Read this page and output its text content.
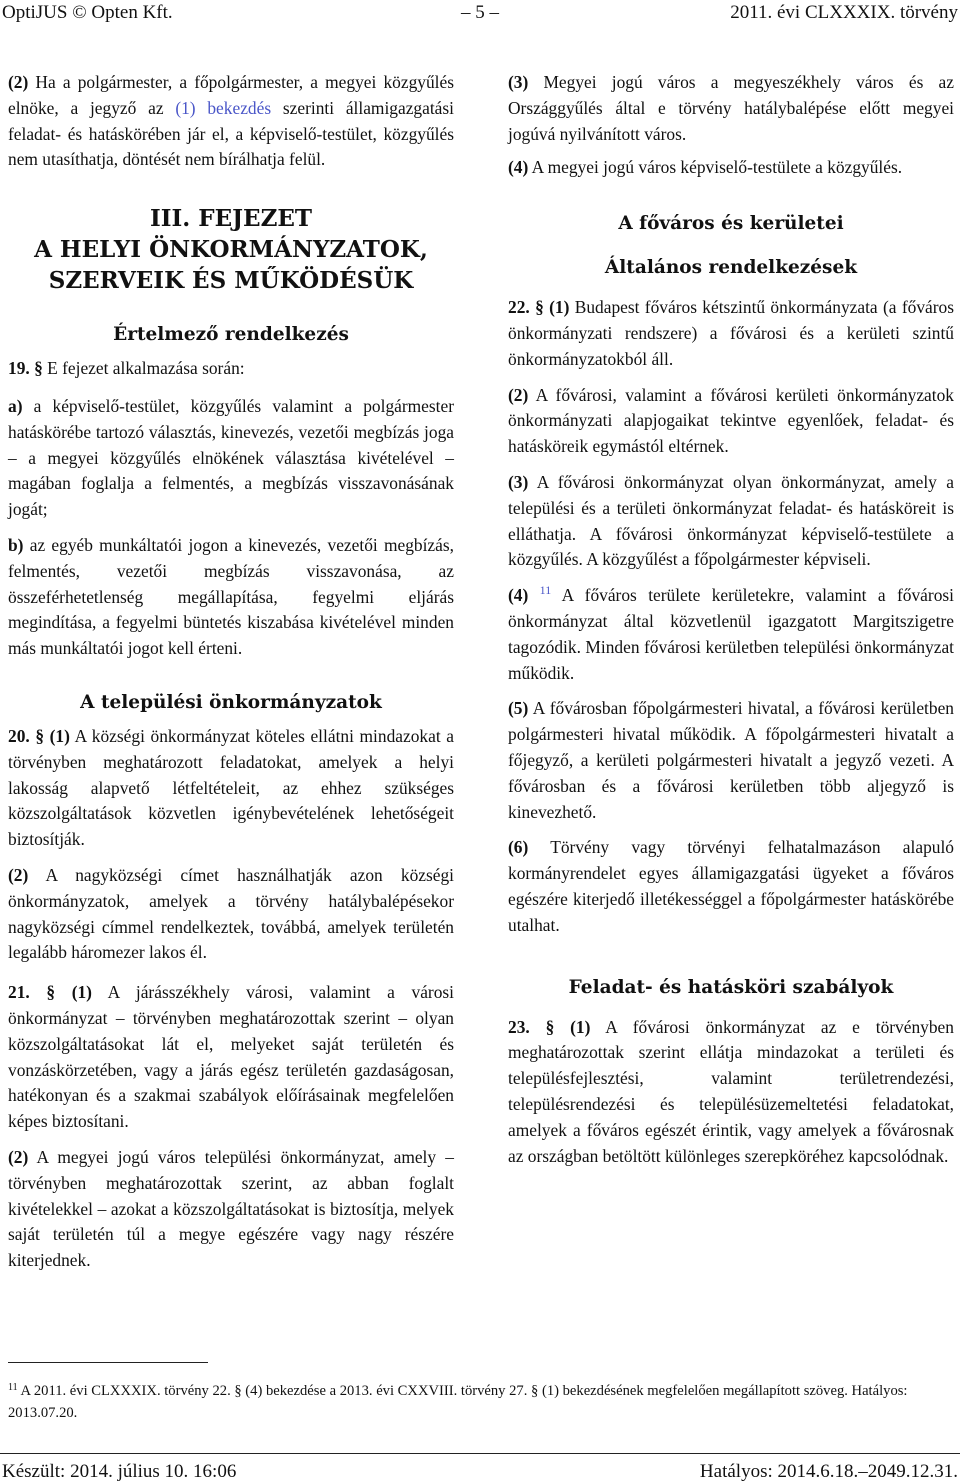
OptiJUS © Opten Kft.	– 5 –	2011. évi CLXXXIX. törvény

(2) Ha a polgármester, a főpolgármester, a megyei közgyűlés elnöke, a jegyző az (1) bekezdés szerinti államigazgatási feladat- és hatáskörében jár el, a képviselő-testület, közgyűlés nem utasíthatja, döntését nem bírálhatja felül.

III. FEJEZET
A HELYI ÖNKORMÁNYZATOK,
SZERVEIK ÉS MŰKÖDÉSÜK
Értelmező rendelkezés

19. § E fejezet alkalmazása során:

a) a képviselő-testület, közgyűlés valamint a polgármester hatáskörébe tartozó választás, kinevezés, vezetői megbízás joga – a megyei közgyűlés elnökének választása kivételével – magában foglalja a felmentés, a megbízás visszavonásának jogát;

b) az egyéb munkáltatói jogon a kinevezés, vezetői megbízás, felmentés, vezetői megbízás visszavonása, az összeférhetetlenség megállapítása, fegyelmi eljárás megindítása, a fegyelmi büntetés kiszabása kivételével minden más munkáltatói jogot kell érteni.

A települési önkormányzatok

20. § (1) A községi önkormányzat köteles ellátni mindazokat a törvényben meghatározott feladatokat, amelyek a helyi lakosság alapvető létfeltételeit, az ehhez szükséges közszolgáltatások közvetlen igénybevételének lehetőségeit biztosítják.

(2) A nagyközségi címet használhatják azon községi önkormányzatok, amelyek a törvény hatálybalépésekor nagyközségi címmel rendelkeztek, továbbá, amelyek területén legalább háromezer lakos él.

21. § (1) A járásszékhely városi, valamint a városi önkormányzat – törvényben meghatározottak szerint – olyan közszolgáltatásokat lát el, melyeket saját területén és vonzáskörzetében, vagy a járás egész területén gazdaságosan, hatékonyan és a szakmai szabályok előírásainak megfelelően képes biztosítani.

(2) A megyei jogú város települési önkormányzat, amely – törvényben meghatározottak szerint, az abban foglalt kivételekkel – azokat a közszolgáltatásokat is biztosítja, melyek saját területén túl a megye egészére vagy nagy részére kiterjednek.

(3) Megyei jogú város a megyeszékhely város és az Országgyűlés által e törvény hatálybalépése előtt megyei jogúvá nyilvánított város.

(4) A megyei jogú város képviselő-testülete a közgyűlés.

A főváros és kerületei
Általános rendelkezések

22. § (1) Budapest főváros kétszintű önkormányzata (a főváros önkormányzati rendszere) a fővárosi és a kerületi szintű önkormányzatokból áll.

(2) A fővárosi, valamint a fővárosi kerületi önkormányzatok önkormányzati alapjogaikat tekintve egyenlőek, feladat- és hatásköreik egymástól eltérnek.

(3) A fővárosi önkormányzat olyan önkormányzat, amely a települési és a területi önkormányzat feladat- és hatásköreit is elláthatja. A fővárosi önkormányzat képviselő-testülete a közgyűlés. A közgyűlést a főpolgármester képviseli.

(4) $^{11}$ A főváros területe kerületekre, valamint a fővárosi önkormányzat által közvetlenül igazgatott Margitszigetre tagozódik. Minden fővárosi kerületben települési önkormányzat működik.

(5) A fővárosban főpolgármesteri hivatal, a fővárosi kerületben polgármesteri hivatal működik. A főpolgármesteri hivatalt a főjegyző, a kerületi polgármesteri hivatalt a jegyző vezeti. A fővárosban és a fővárosi kerületben több aljegyző is kinevezhető.

(6) Törvény vagy törvényi felhatalmazáson alapuló kormányrendelet egyes államigazgatási ügyeket a főváros egészére kiterjedő illetékességgel a főpolgármester hatáskörébe utalhat.

Feladat- és hatásköri szabályok

23. § (1) A fővárosi önkormányzat az e törvényben meghatározottak szerint ellátja mindazokat a területi és településfejlesztési, valamint területrendezési, településrendezési és településüzemeltetési feladatokat, amelyek a főváros egészét érintik, vagy amelyek a fővárosnak az országban betöltött különleges szerepköréhez kapcsolódnak.

$^{11}$ A 2011. évi CLXXXIX. törvény 22. § (4) bekezdése a 2013. évi CXXVIII. törvény 27. § (1) bekezdésének megfelelően megállapított szöveg. Hatályos: 2013.07.20.
Készült: 2014. július 10. 16:06	Hatályos: 2014.6.18.–2049.12.31.
